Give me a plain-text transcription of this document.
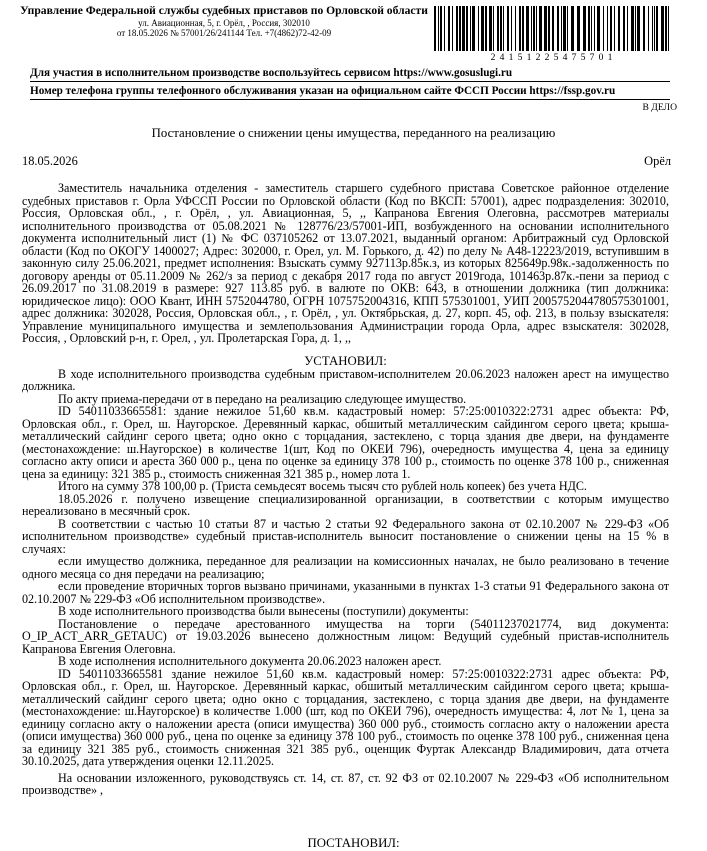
Управление Федеральной службы судебных приставов по Орловской области
ул. Авиационная, 5, г. Орёл, , Россия, 302010
от 18.05.2026 № 57001/26/241144 Тел. +7(4862)72-42-09
2 4 1 5 1 2 2 5 4 7 5 7 0 1
Для участия в исполнительном производстве воспользуйтесь сервисом https://www.gosuslugi.ru
Номер телефона группы телефонного обслуживания указан на официальном сайте ФССП России https://fssp.gov.ru
В ДЕЛО
Постановление о снижении цены имущества, переданного на реализацию
18.05.2026	Орёл

Заместитель начальника отделения - заместитель старшего судебного пристава Советское районное отделение судебных приставов г. Орла УФССП России по Орловской области (Код по ВКСП: 57001), адрес подразделения: 302010, Россия, Орловская обл., , г. Орёл, , ул. Авиационная, 5, ,, Капранова Евгения Олеговна, рассмотрев материалы исполнительного производства от 05.08.2021 № 128776/23/57001-ИП, возбужденного на основании исполнительного документа исполнительный лист (1) № ФС 037105262 от 13.07.2021, выданный органом: Арбитражный суд Орловской области (Код по ОКОГУ 1400027; Адрес: 302000, г. Орел, ул. М. Горького, д. 42) по делу № А48-12223/2019, вступившим в законную силу 25.06.2021, предмет исполнения: Взыскать сумму 927113р.85к.з, из которых 825649р.98к.-задолженность по договору аренды от 05.11.2009 № 262/з за период с декабря 2017 года по август 2019года, 101463р.87к.-пени за период с 26.09.2017 по 31.08.2019 в размере: 927 113.85 руб. в валюте по ОКВ: 643, в отношении должника (тип должника: юридическое лицо): ООО Квант, ИНН 5752044780, ОГРН 1075752004316, КПП 575301001, УИП 2005752044780575301001, адрес должника: 302028, Россия, Орловская обл., , г. Орёл, , ул. Октябрьская, д. 27, корп. 45, оф. 213, в пользу взыскателя: Управление муниципального имущества и землепользования Администрации города Орла, адрес взыскателя: 302028, Россия, , Орловский р-н, г. Орел, , ул. Пролетарская Гора, д. 1, ,,

УСТАНОВИЛ:

В ходе исполнительного производства судебным приставом-исполнителем 20.06.2023 наложен арест на имущество должника.

По акту приема-передачи от в передано на реализацию следующее имущество.

ID 54011033665581: здание нежилое 51,60 кв.м. кадастровый номер: 57:25:0010322:2731 адрес объекта: РФ, Орловская обл., г. Орел, ш. Наугорское. Деревянный каркас, обшитый металлическим сайдингом серого цвета; крыша-металлический сайдинг серого цвета; одно окно с торцадания, застеклено, с торца здания две двери, на фундаменте (местонахождение: ш.Наугорское) в количестве 1(шт, Код по ОКЕИ 796), очередность имущества 4, цена за единицу согласно акту описи и ареста 360 000 р., цена по оценке за единицу 378 100 р., стоимость по оценке 378 100 р., сниженная цена за единицу: 321 385 р., стоимость сниженная 321 385 р., номер лота 1.

Итого на сумму 378 100,00 р. (Триста семьдесят восемь тысяч сто рублей ноль копеек) без учета НДС.

18.05.2026 г. получено извещение специализированной организации, в соответствии с которым имущество нереализовано в месячный срок.

В соответствии с частью 10 статьи 87 и частью 2 статьи 92 Федерального закона от 02.10.2007 № 229-ФЗ «Об исполнительном производстве» судебный пристав-исполнитель выносит постановление о снижении цены на 15 % в случаях:

если имущество должника, переданное для реализации на комиссионных началах, не было реализовано в течение одного месяца со дня передачи на реализацию;

если проведение вторичных торгов вызвано причинами, указанными в пунктах 1-3 статьи 91 Федерального закона от 02.10.2007 № 229-ФЗ «Об исполнительном производстве».

В ходе исполнительного производства были вынесены (поступили) документы:

Постановление о передаче арестованного имущества на торги (54011237021774, вид документа: O_IP_ACT_ARR_GETAUC) от 19.03.2026 вынесено должностным лицом: Ведущий судебный пристав-исполнитель Капранова Евгения Олеговна.

В ходе исполнения исполнительного документа 20.06.2023 наложен арест.

ID 54011033665581 здание нежилое 51,60 кв.м. кадастровый номер: 57:25:0010322:2731 адрес объекта: РФ, Орловская обл., г. Орел, ш. Наугорское. Деревянный каркас, обшитый металлическим сайдингом серого цвета; крыша- металлический сайдинг серого цвета; одно окно с торцадания, застеклено, с торца здания две двери, на фундаменте (местонахождение: ш.Наугорское) в количестве 1.000 (шт, код по ОКЕИ 796), очередность имущества: 4, лот № 1, цена за единицу согласно акту о наложении ареста (описи имущества) 360 000 руб., стоимость согласно акту о наложении ареста (описи имущества) 360 000 руб., цена по оценке за единицу 378 100 руб., стоимость по оценке 378 100 руб., сниженная цена за единицу 321 385 руб., стоимость сниженная 321 385 руб., оценщик Фуртак Александр Владимирович, дата отчета 30.10.2025, дата утверждения оценки 12.11.2025.

На основании изложенного, руководствуясь ст. 14, ст. 87, ст. 92 ФЗ от 02.10.2007 № 229-ФЗ «Об исполнительном производстве» ,

ПОСТАНОВИЛ:
